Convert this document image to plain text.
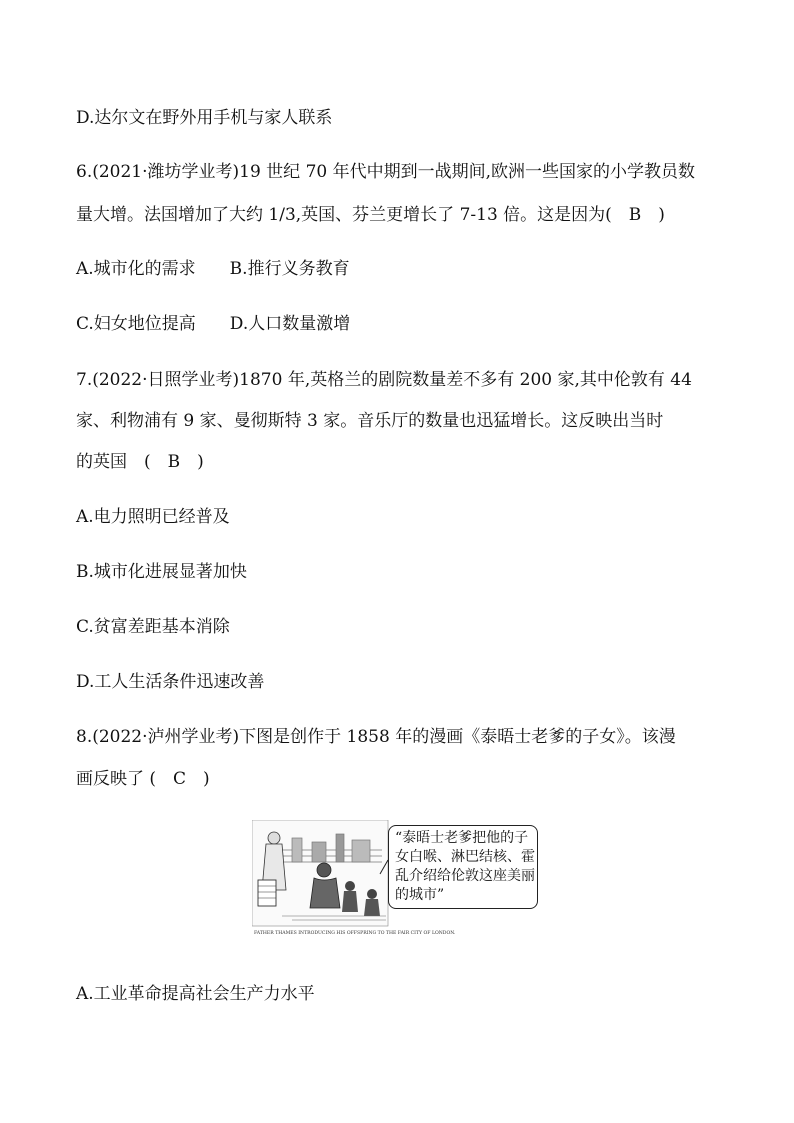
D.达尔文在野外用手机与家人联系
6.(2021·潍坊学业考)19 世纪 70 年代中期到一战期间,欧洲一些国家的小学教员数
量大增。法国增加了大约 1/3,英国、芬兰更增长了 7-13 倍。这是因为(　B　)
A.城市化的需求　　B.推行义务教育
C.妇女地位提高　　D.人口数量激增
7.(2022·日照学业考)1870 年,英格兰的剧院数量差不多有 200 家,其中伦敦有 44
家、利物浦有 9 家、曼彻斯特 3 家。音乐厅的数量也迅猛增长。这反映出当时
的英国　(　B　)
A.电力照明已经普及
B.城市化进展显著加快
C.贫富差距基本消除
D.工人生活条件迅速改善
8.(2022·泸州学业考)下图是创作于 1858 年的漫画《泰晤士老爹的子女》。该漫
画反映了 (　C　)
FATHER THAMES INTRODUCING HIS OFFSPRING TO THE FAIR CITY OF LONDON.
“泰晤士老爹把他的子
女白喉、淋巴结核、霍
乱介绍给伦敦这座美丽
的城市”
A.工业革命提高社会生产力水平
